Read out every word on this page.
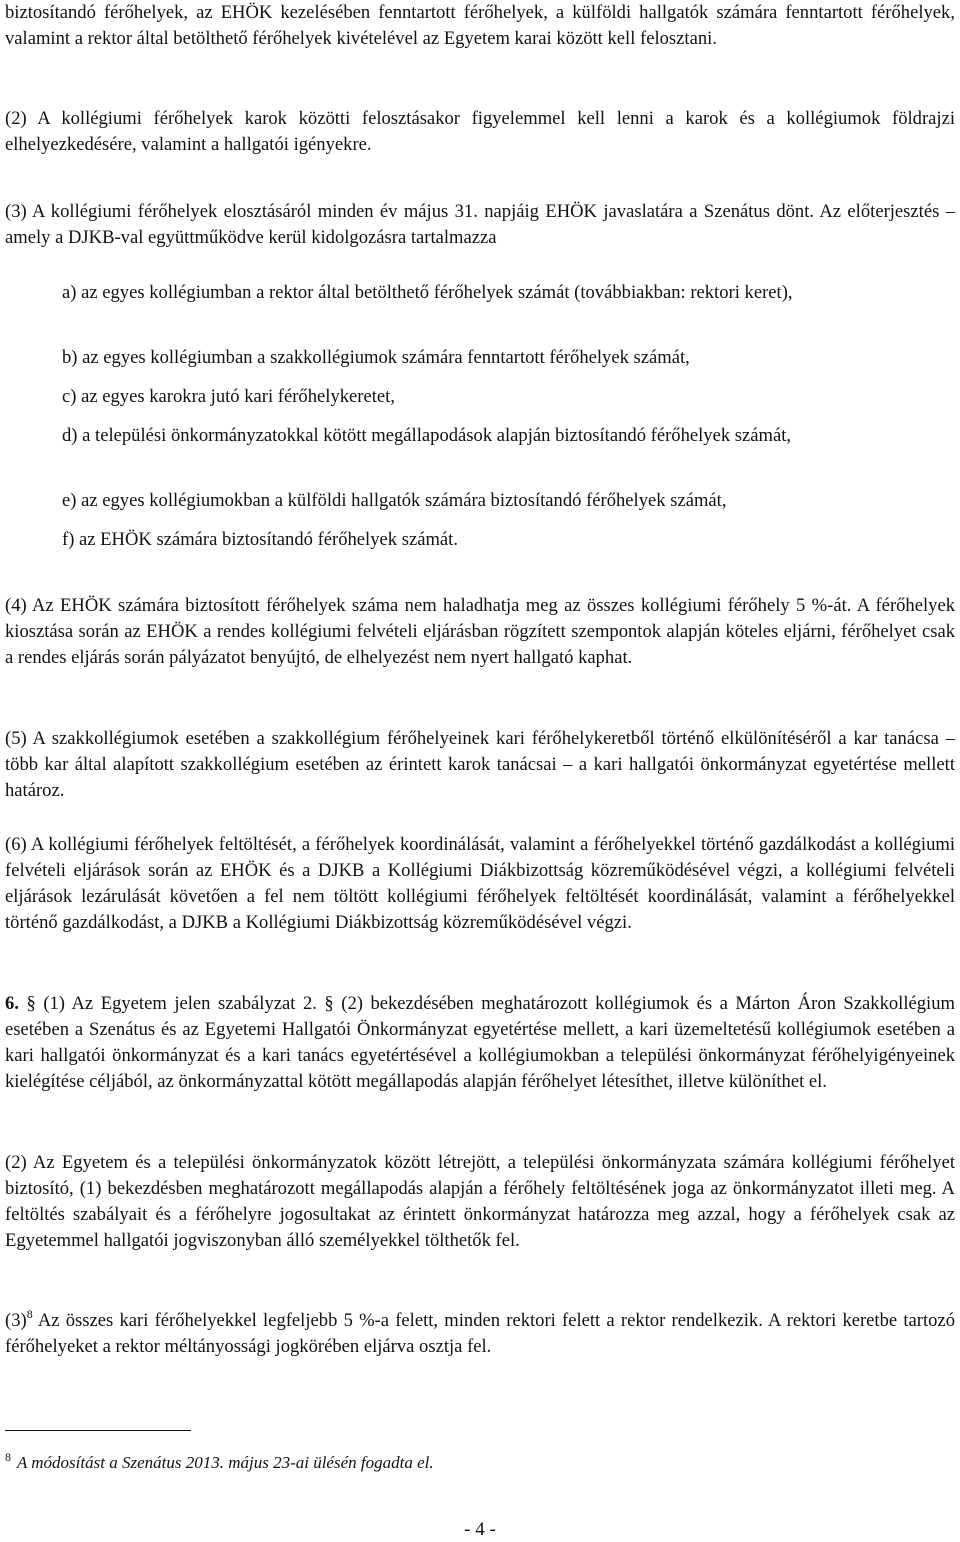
biztosítandó férőhelyek, az EHÖK kezelésében fenntartott férőhelyek, a külföldi hallgatók számára fenntartott férőhelyek, valamint a rektor által betölthető férőhelyek kivételével az Egyetem karai között kell felosztani.

(2) A kollégiumi férőhelyek karok közötti felosztásakor figyelemmel kell lenni a karok és a kollégiumok földrajzi elhelyezkedésére, valamint a hallgatói igényekre.

(3) A kollégiumi férőhelyek elosztásáról minden év május 31. napjáig EHÖK javaslatára a Szenátus dönt. Az előterjesztés – amely a DJKB-val együttműködve kerül kidolgozásra tartalmazza

a) az egyes kollégiumban a rektor által betölthető férőhelyek számát (továbbiakban: rektori keret),

b) az egyes kollégiumban a szakkollégiumok számára fenntartott férőhelyek számát,

c) az egyes karokra jutó kari férőhelykeretet,

d) a települési önkormányzatokkal kötött megállapodások alapján biztosítandó férőhelyek számát,

e) az egyes kollégiumokban a külföldi hallgatók számára biztosítandó férőhelyek számát,

f) az EHÖK számára biztosítandó férőhelyek számát.

(4) Az EHÖK számára biztosított férőhelyek száma nem haladhatja meg az összes kollégiumi férőhely 5 %-át. A férőhelyek kiosztása során az EHÖK a rendes kollégiumi felvételi eljárásban rögzített szempontok alapján köteles eljárni, férőhelyet csak a rendes eljárás során pályázatot benyújtó, de elhelyezést nem nyert hallgató kaphat.

(5) A szakkollégiumok esetében a szakkollégium férőhelyeinek kari férőhelykeretből történő elkülönítéséről a kar tanácsa – több kar által alapított szakkollégium esetében az érintett karok tanácsai – a kari hallgatói önkormányzat egyetértése mellett határoz.

(6) A kollégiumi férőhelyek feltöltését, a férőhelyek koordinálását, valamint a férőhelyekkel történő gazdálkodást a kollégiumi felvételi eljárások során az EHÖK és a DJKB a Kollégiumi Diákbizottság közreműködésével végzi, a kollégiumi felvételi eljárások lezárulását követően a fel nem töltött kollégiumi férőhelyek feltöltését koordinálását, valamint a férőhelyekkel történő gazdálkodást, a DJKB a Kollégiumi Diákbizottság közreműködésével végzi.

6. § (1) Az Egyetem jelen szabályzat 2. § (2) bekezdésében meghatározott kollégiumok és a Márton Áron Szakkollégium esetében a Szenátus és az Egyetemi Hallgatói Önkormányzat egyetértése mellett, a kari üzemeltetésű kollégiumok esetében a kari hallgatói önkormányzat és a kari tanács egyetértésével a kollégiumokban a települési önkormányzat férőhelyigényeinek kielégítése céljából, az önkormányzattal kötött megállapodás alapján férőhelyet létesíthet, illetve különíthet el.

(2) Az Egyetem és a települési önkormányzatok között létrejött, a települési önkormányzata számára kollégiumi férőhelyet biztosító, (1) bekezdésben meghatározott megállapodás alapján a férőhely feltöltésének joga az önkormányzatot illeti meg. A feltöltés szabályait és a férőhelyre jogosultakat az érintett önkormányzat határozza meg azzal, hogy a férőhelyek csak az Egyetemmel hallgatói jogviszonyban álló személyekkel tölthetők fel.

(3)$^8$ Az összes kari férőhelyekkel legfeljebb 5 %-a felett, minden rektori felett a rektor rendelkezik. A rektori keretbe tartozó férőhelyeket a rektor méltányossági jogkörében eljárva osztja fel.

$^8$ A módosítást a Szenátus 2013. május 23-ai ülésén fogadta el.

- 4 -
